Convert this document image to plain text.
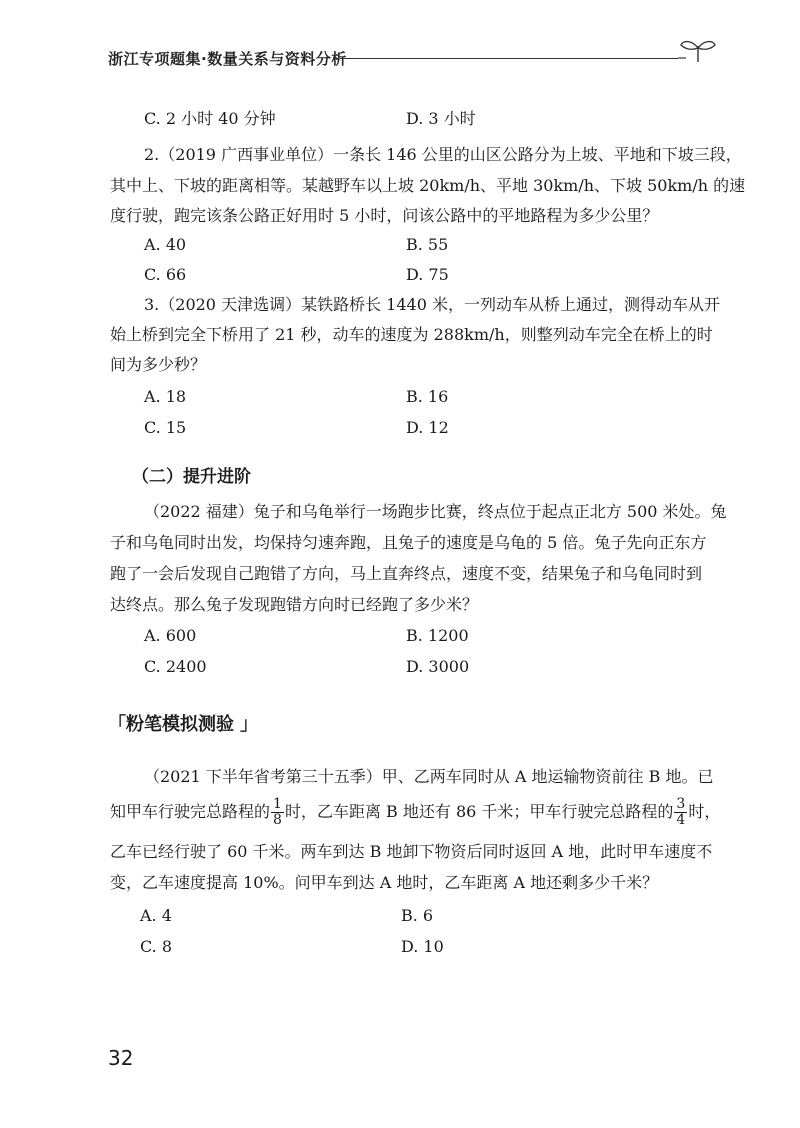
浙江专项题集·数量关系与资料分析
C. 2 小时 40 分钟	D. 3 小时
2.（2019 广西事业单位）一条长 146 公里的山区公路分为上坡、平地和下坡三段，
其中上、下坡的距离相等。某越野车以上坡 20km/h、平地 30km/h、下坡 50km/h 的速
度行驶，跑完该条公路正好用时 5 小时，问该公路中的平地路程为多少公里？
A. 40	B. 55
C. 66	D. 75
3.（2020 天津选调）某铁路桥长 1440 米，一列动车从桥上通过，测得动车从开
始上桥到完全下桥用了 21 秒，动车的速度为 288km/h，则整列动车完全在桥上的时
间为多少秒？
A. 18	B. 16
C. 15	D. 12
（二）提升进阶
（2022 福建）兔子和乌龟举行一场跑步比赛，终点位于起点正北方 500 米处。兔
子和乌龟同时出发，均保持匀速奔跑，且兔子的速度是乌龟的 5 倍。兔子先向正东方
跑了一会后发现自己跑错了方向，马上直奔终点，速度不变，结果兔子和乌龟同时到
达终点。那么兔子发现跑错方向时已经跑了多少米？
A. 600	B. 1200
C. 2400	D. 3000
「粉笔模拟测验 」
（2021 下半年省考第三十五季）甲、乙两车同时从 A 地运输物资前往 B 地。已
知甲车行驶完总路程的 $\frac{1}{8}$ 时，乙车距离 B 地还有 86 千米；甲车行驶完总路程的 $\frac{3}{4}$ 时，
乙车已经行驶了 60 千米。两车到达 B 地卸下物资后同时返回 A 地，此时甲车速度不
变，乙车速度提高 10%。问甲车到达 A 地时，乙车距离 A 地还剩多少千米？
A. 4	B. 6
C. 8	D. 10
32
